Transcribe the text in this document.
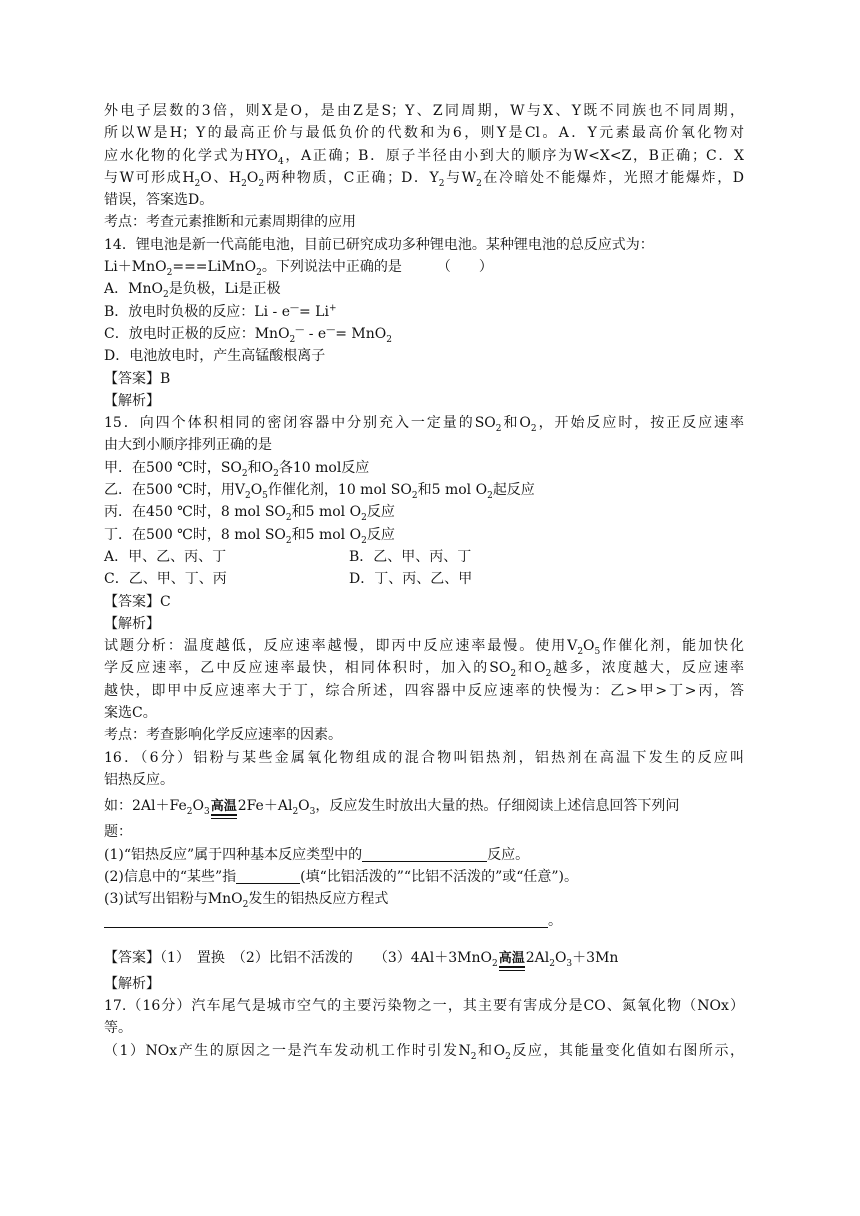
外电子层数的3倍，则X是O，是由Z是S；Y、Z同周期，W与X、Y既不同族也不同周期，
所以W是H；Y的最高正价与最低负价的代数和为6，则Y是Cl。A．Y元素最高价氧化物对
应水化物的化学式为$HYO_4$，A正确；B．原子半径由小到大的顺序为W<X<Z，B正确；C．X
与W可形成$H_2O$、$H_2O_2$两种物质，C正确；D．$Y_2$与$W_2$在冷暗处不能爆炸，光照才能爆炸，D
错误，答案选D。
考点：考查元素推断和元素周期律的应用
14．锂电池是新一代高能电池，目前已研究成功多种锂电池。某种锂电池的总反应式为：
Li＋MnO$_2$===LiMnO$_2$。下列说法中正确的是　　　（　　）
A．MnO$_2$是负极，Li是正极
B．放电时负极的反应：Li - e—= Li+
C．放电时正极的反应：MnO$_2$— - e—= MnO$_2$
D．电池放电时，产生高锰酸根离子
【答案】B
【解析】
15．向四个体积相同的密闭容器中分别充入一定量的$SO_2$和$O_2$，开始反应时，按正反应速率
由大到小顺序排列正确的是
甲．在500 ℃时，$SO_2$和$O_2$各10 mol反应
乙．在500 ℃时，用$V_2O_5$作催化剂，10 mol $SO_2$和5 mol $O_2$起反应
丙．在450 ℃时，8 mol $SO_2$和5 mol $O_2$反应
丁．在500 ℃时，8 mol $SO_2$和5 mol $O_2$反应
A．甲、乙、丙、丁	B．乙、甲、丙、丁
C．乙、甲、丁、丙	D．丁、丙、乙、甲
【答案】C
【解析】
试题分析：温度越低，反应速率越慢，即丙中反应速率最慢。使用$V_2O_5$作催化剂，能加快化
学反应速率，乙中反应速率最快，相同体积时，加入的$SO_2$和$O_2$越多，浓度越大，反应速率
越快，即甲中反应速率大于丁，综合所述，四容器中反应速率的快慢为：乙>甲>丁>丙，答
案选C。
考点：考查影响化学反应速率的因素。
16．（6分）铝粉与某些金属氧化物组成的混合物叫铝热剂，铝热剂在高温下发生的反应叫
铝热反应。
如：$2Al+Fe_2O_3$ 高温 $2Fe+Al_2O_3$，反应发生时放出大量的热。仔细阅读上述信息回答下列问
题：
(1)“铝热反应”属于四种基本反应类型中的	反应。
(2)信息中的“某些”指	(填“比铝活泼的”“比铝不活泼的”或“任意”)。
(3)试写出铝粉与MnO$_2$发生的铝热反应方程式
。
【答案】（1）　置换　（2）比铝不活泼的　　（3）4Al＋3MnO$_2$ 高温 $2Al_2O_3+3Mn$
【解析】
17.（16分）汽车尾气是城市空气的主要污染物之一，其主要有害成分是CO、氮氧化物（NOx）
等。
（1）NOx产生的原因之一是汽车发动机工作时引发$N_2$和$O_2$反应，其能量变化值如右图所示，
